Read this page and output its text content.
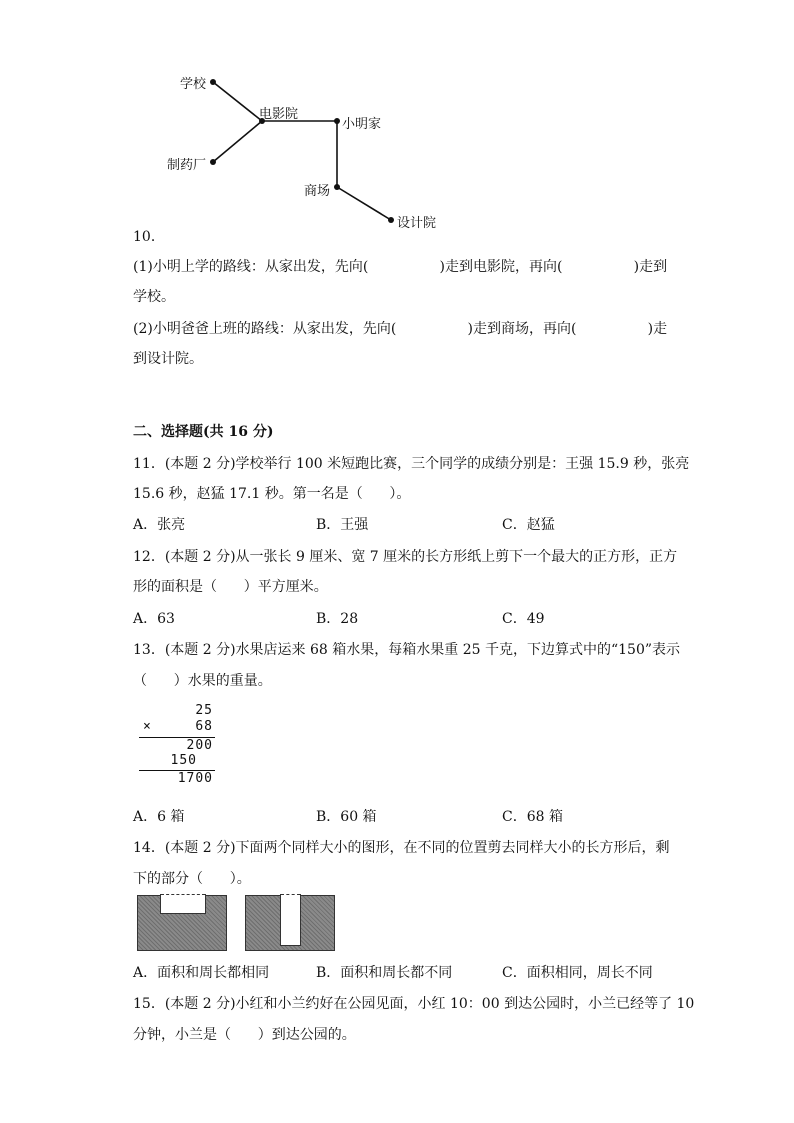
学校
电影院
小明家
制药厂
商场
设计院
10．
(1)小明上学的路线：从家出发，先向(                )走到电影院，再向(                )走到
学校。
(2)小明爸爸上班的路线：从家出发，先向(                )走到商场，再向(                )走
到设计院。
二、选择题(共 16 分)
11．(本题 2 分)学校举行 100 米短跑比赛，三个同学的成绩分别是：王强 15.9 秒，张亮
15.6 秒，赵猛 17.1 秒。第一名是（      ）。
A．张亮	B．王强	C．赵猛
12．(本题 2 分)从一张长 9 厘米、宽 7 厘米的长方形纸上剪下一个最大的正方形，正方
形的面积是（      ）平方厘米。
A．63	B．28	C．49
13．(本题 2 分)水果店运来 68 箱水果，每箱水果重 25 千克，下边算式中的“150”表示
（      ）水果的重量。
25
×	68
200
150
1700
A．6 箱	B．60 箱	C．68 箱
14．(本题 2 分)下面两个同样大小的图形，在不同的位置剪去同样大小的长方形后，剩
下的部分（      ）。
A．面积和周长都相同	B．面积和周长都不同	C．面积相同，周长不同
15．(本题 2 分)小红和小兰约好在公园见面，小红 10：00 到达公园时，小兰已经等了 10
分钟，小兰是（      ）到达公园的。
